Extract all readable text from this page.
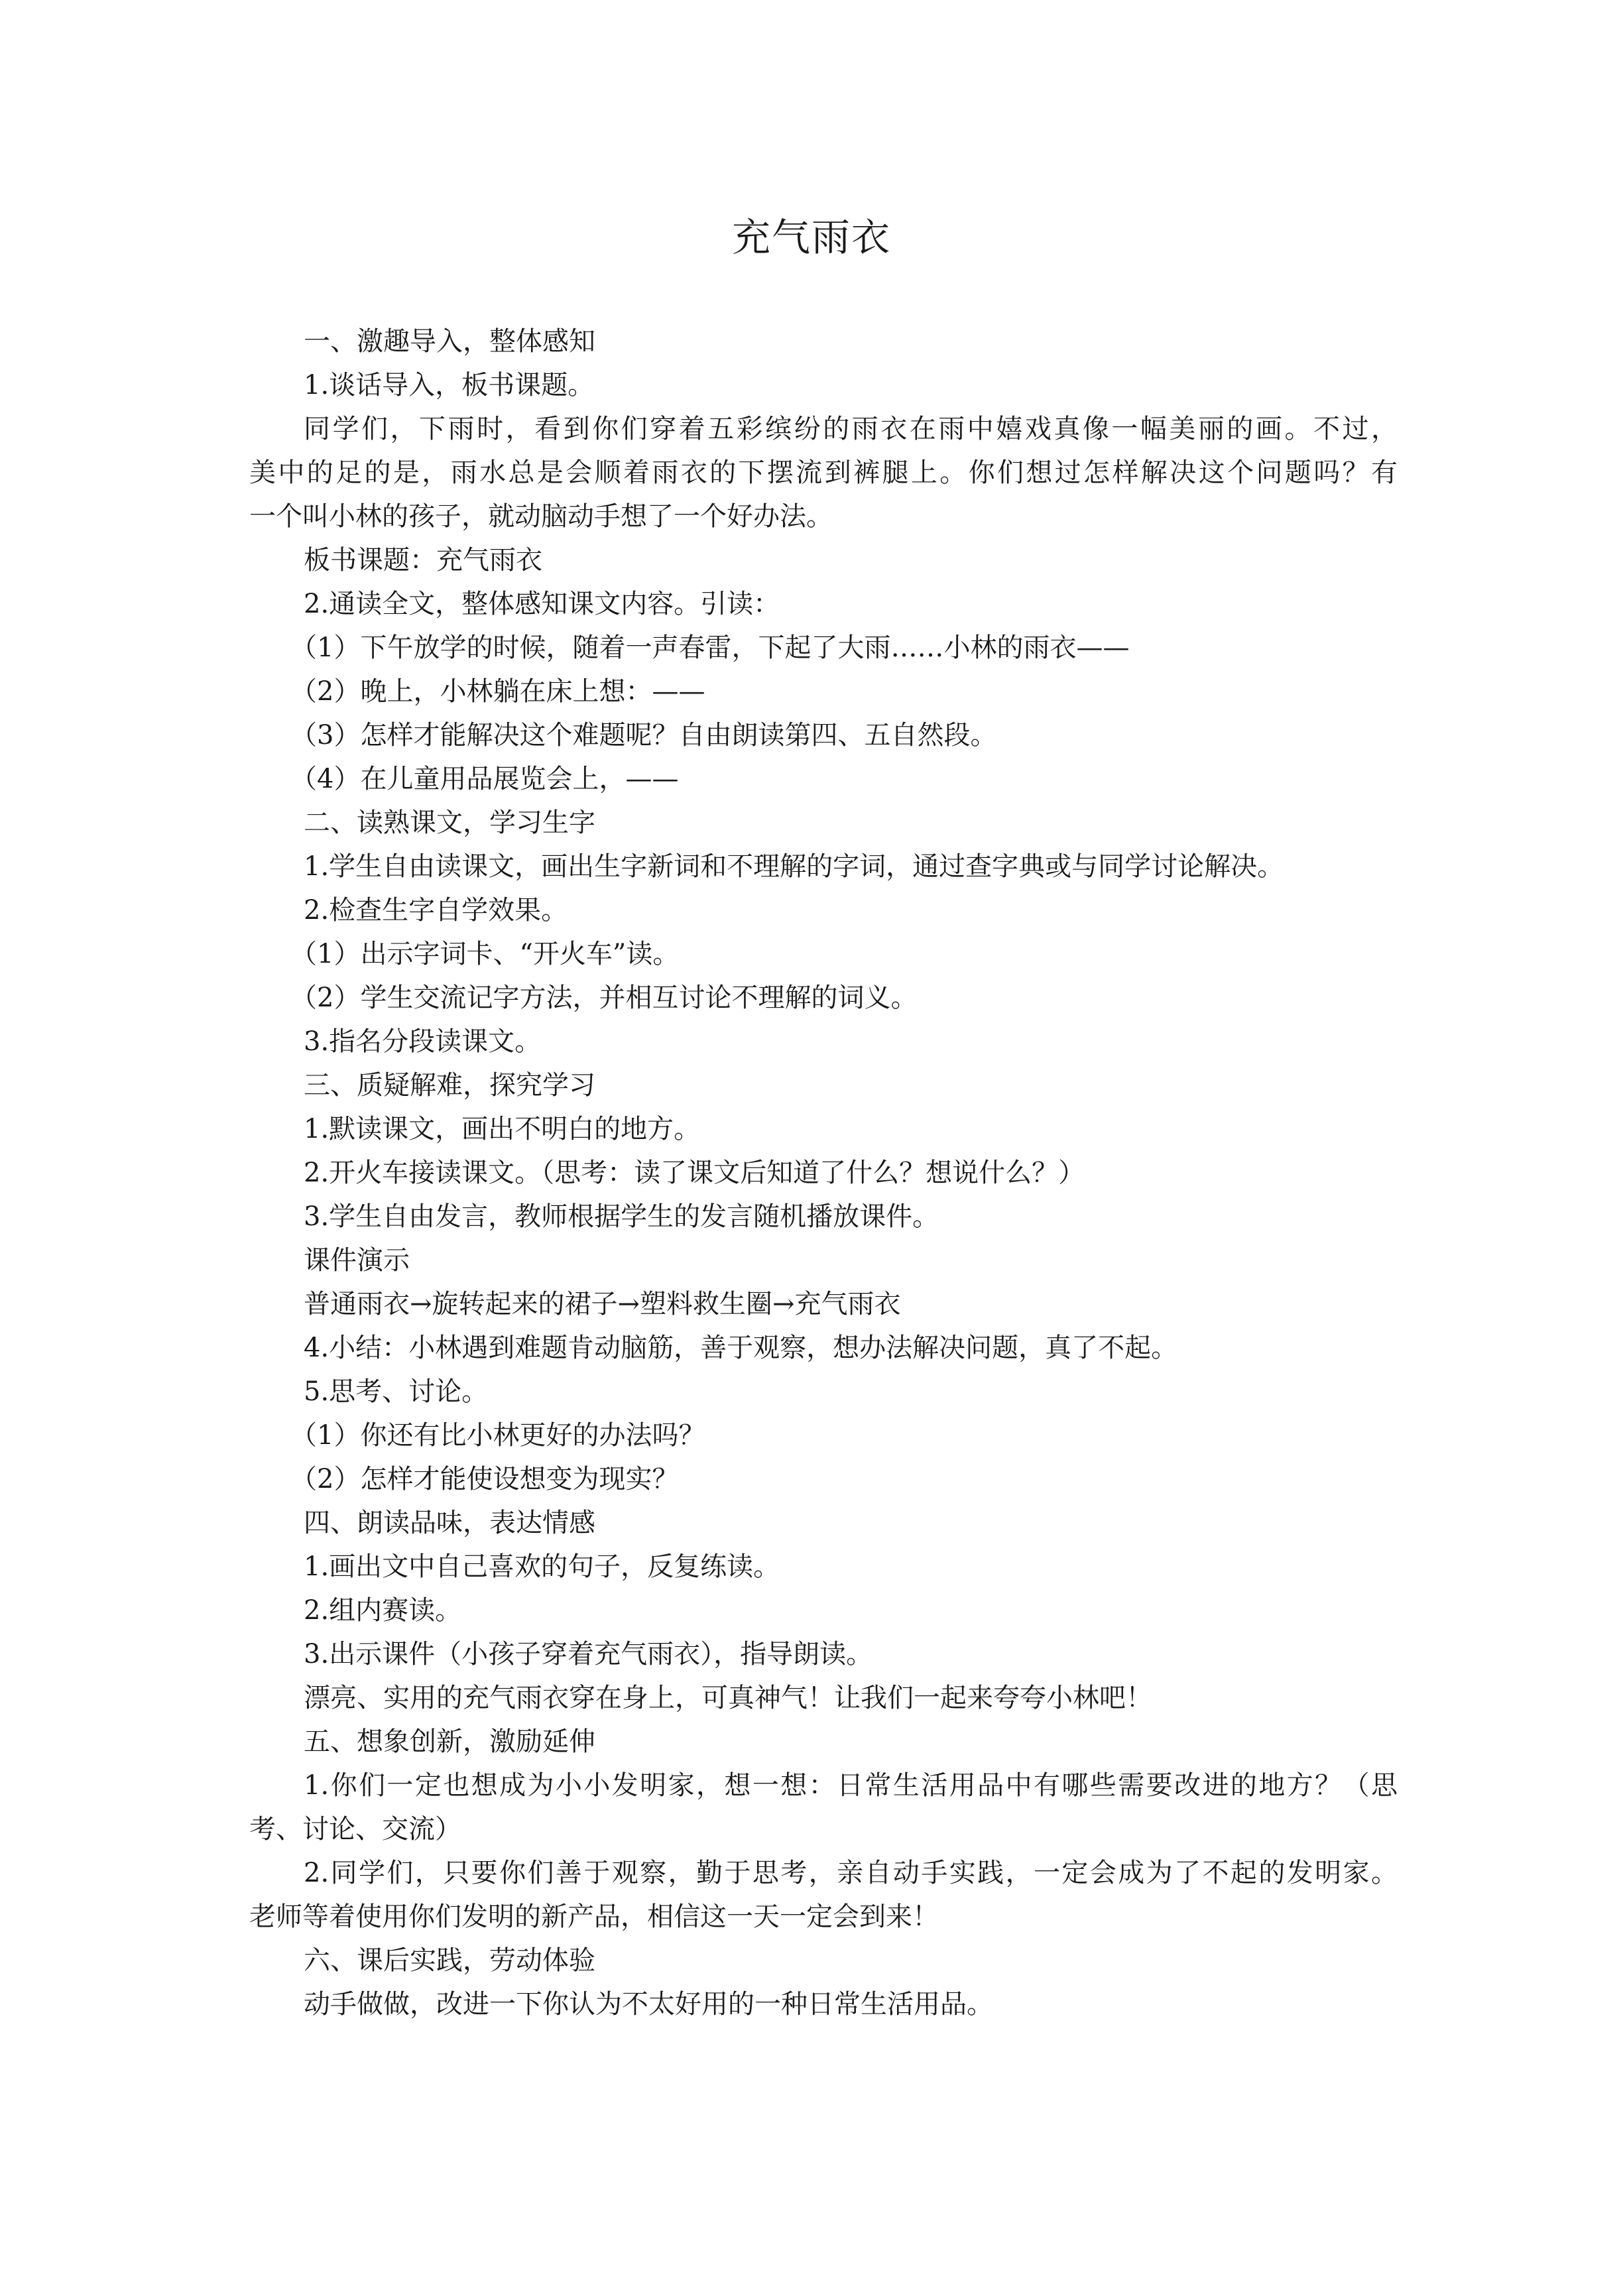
充气雨衣
一、激趣导入，整体感知
1.谈话导入，板书课题。
同学们，下雨时，看到你们穿着五彩缤纷的雨衣在雨中嬉戏真像一幅美丽的画。不过，
美中的足的是，雨水总是会顺着雨衣的下摆流到裤腿上。你们想过怎样解决这个问题吗？有
一个叫小林的孩子，就动脑动手想了一个好办法。
板书课题：充气雨衣
2.通读全文，整体感知课文内容。引读：
（1）下午放学的时候，随着一声春雷，下起了大雨……小林的雨衣——
（2）晚上，小林躺在床上想：——
（3）怎样才能解决这个难题呢？自由朗读第四、五自然段。
（4）在儿童用品展览会上，——
二、读熟课文，学习生字
1.学生自由读课文，画出生字新词和不理解的字词，通过查字典或与同学讨论解决。
2.检查生字自学效果。
（1）出示字词卡、“开火车”读。
（2）学生交流记字方法，并相互讨论不理解的词义。
3.指名分段读课文。
三、质疑解难，探究学习
1.默读课文，画出不明白的地方。
2.开火车接读课文。（思考：读了课文后知道了什么？想说什么？）
3.学生自由发言，教师根据学生的发言随机播放课件。
课件演示
普通雨衣→旋转起来的裙子→塑料救生圈→充气雨衣
4.小结：小林遇到难题肯动脑筋，善于观察，想办法解决问题，真了不起。
5.思考、讨论。
（1）你还有比小林更好的办法吗？
（2）怎样才能使设想变为现实？
四、朗读品味，表达情感
1.画出文中自己喜欢的句子，反复练读。
2.组内赛读。
3.出示课件（小孩子穿着充气雨衣），指导朗读。
漂亮、实用的充气雨衣穿在身上，可真神气！让我们一起来夸夸小林吧！
五、想象创新，激励延伸
1.你们一定也想成为小小发明家，想一想：日常生活用品中有哪些需要改进的地方？（思
考、讨论、交流）
2.同学们，只要你们善于观察，勤于思考，亲自动手实践，一定会成为了不起的发明家。
老师等着使用你们发明的新产品，相信这一天一定会到来！
六、课后实践，劳动体验
动手做做，改进一下你认为不太好用的一种日常生活用品。
